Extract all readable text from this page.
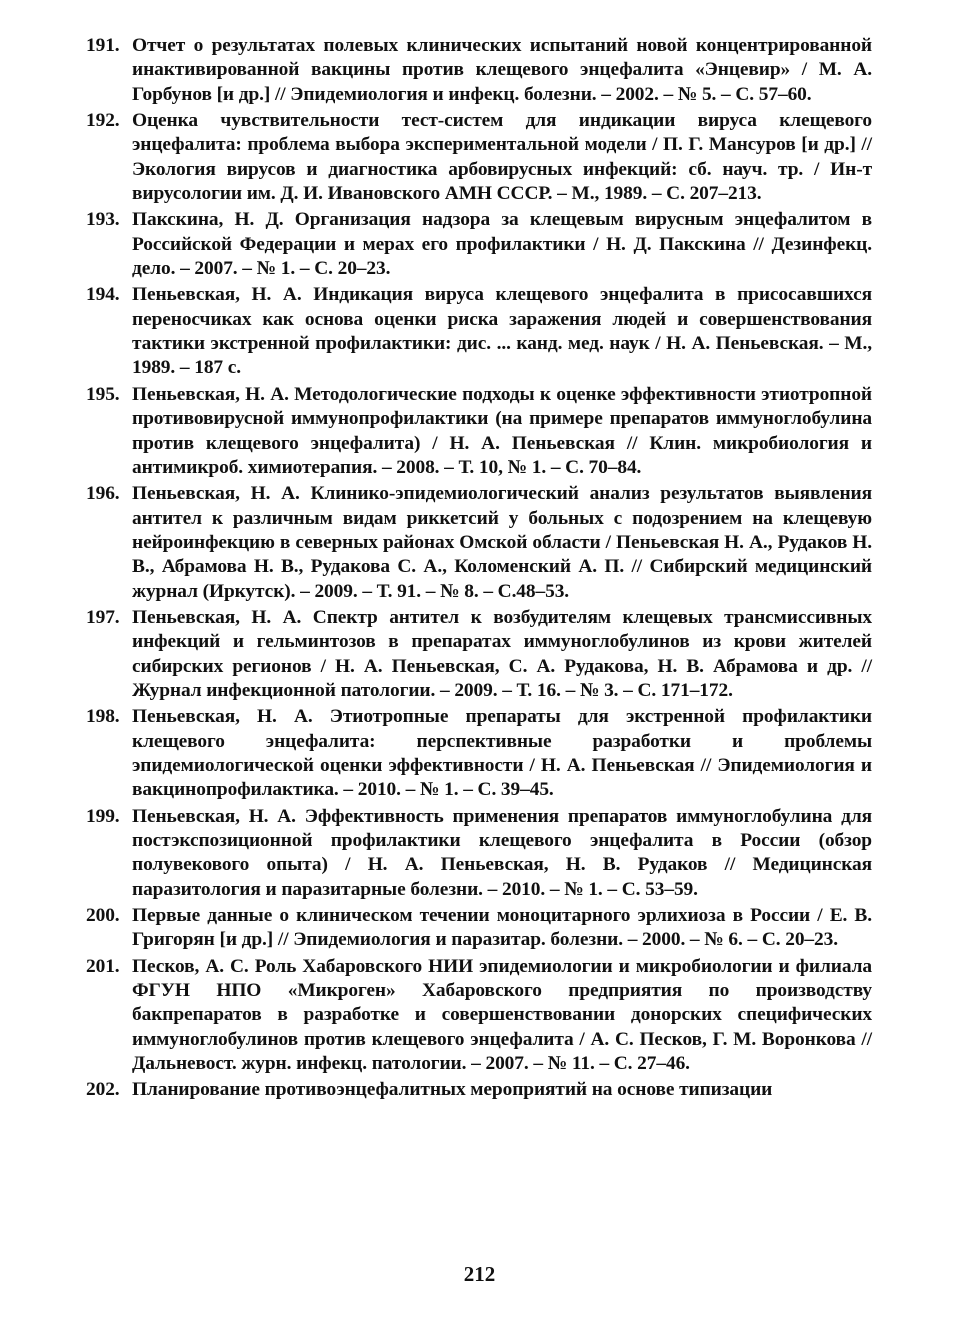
191. Отчет о результатах полевых клинических испытаний новой концентрированной инактивированной вакцины против клещевого энцефалита «Энцевир» / М. А. Горбунов [и др.] // Эпидемиология и инфекц. болезни. – 2002. – № 5. – С. 57–60.
192. Оценка чувствительности тест-систем для индикации вируса клещевого энцефалита: проблема выбора экспериментальной модели / П. Г. Мансуров [и др.] // Экология вирусов и диагностика арбовирусных инфекций: сб. науч. тр. / Ин-т вирусологии им. Д. И. Ивановского АМН СССР. – М., 1989. – С. 207–213.
193. Пакскина, Н. Д. Организация надзора за клещевым вирусным энцефалитом в Российской Федерации и мерах его профилактики / Н. Д. Пакскина // Дезинфекц. дело. – 2007. – № 1. – С. 20–23.
194. Пеньевская, Н. А. Индикация вируса клещевого энцефалита в присосавшихся переносчиках как основа оценки риска заражения людей и совершенствования тактики экстренной профилактики: дис. ... канд. мед. наук / Н. А. Пеньевская. – М., 1989. – 187 с.
195. Пеньевская, Н. А. Методологические подходы к оценке эффективности этиотропной противовирусной иммунопрофилактики (на примере препаратов иммуноглобулина против клещевого энцефалита) / Н. А. Пеньевская // Клин. микробиология и антимикроб. химиотерапия. – 2008. – Т. 10, № 1. – С. 70–84.
196. Пеньевская, Н. А. Клинико-эпидемиологический анализ результатов выявления антител к различным видам риккетсий у больных с подозрением на клещевую нейроинфекцию в северных районах Омской области / Пеньевская Н. А., Рудаков Н. В., Абрамова Н. В., Рудакова С. А., Коломенский А. П. // Сибирский медицинский журнал (Иркутск). – 2009. – Т. 91. – № 8. – С.48–53.
197. Пеньевская, Н. А. Спектр антител к возбудителям клещевых трансмиссивных инфекций и гельминтозов в препаратах иммуноглобулинов из крови жителей сибирских регионов / Н. А. Пеньевская, С. А. Рудакова, Н. В. Абрамова и др. // Журнал инфекционной патологии. – 2009. – Т. 16. – № 3. – С. 171–172.
198. Пеньевская, Н. А. Этиотропные препараты для экстренной профилактики клещевого энцефалита: перспективные разработки и проблемы эпидемиологической оценки эффективности / Н. А. Пеньевская // Эпидемиология и вакцинопрофилактика. – 2010. – № 1. – С. 39–45.
199. Пеньевская, Н. А. Эффективность применения препаратов иммуноглобулина для постэкспозиционной профилактики клещевого энцефалита в России (обзор полувекового опыта) / Н. А. Пеньевская, Н. В. Рудаков // Медицинская паразитология и паразитарные болезни. – 2010. – № 1. – С. 53–59.
200. Первые данные о клиническом течении моноцитарного эрлихиоза в России / Е. В. Григорян [и др.] // Эпидемиология и паразитар. болезни. – 2000. – № 6. – С. 20–23.
201. Песков, А. С. Роль Хабаровского НИИ эпидемиологии и микробиологии и филиала ФГУН НПО «Микроген» Хабаровского предприятия по производству бакпрепаратов в разработке и совершенствовании донорских специфических иммуноглобулинов против клещевого энцефалита / А. С. Песков, Г. М. Воронкова // Дальневост. журн. инфекц. патологии. – 2007. – № 11. – С. 27–46.
202. Планирование противоэнцефалитных мероприятий на основе типизации
212
